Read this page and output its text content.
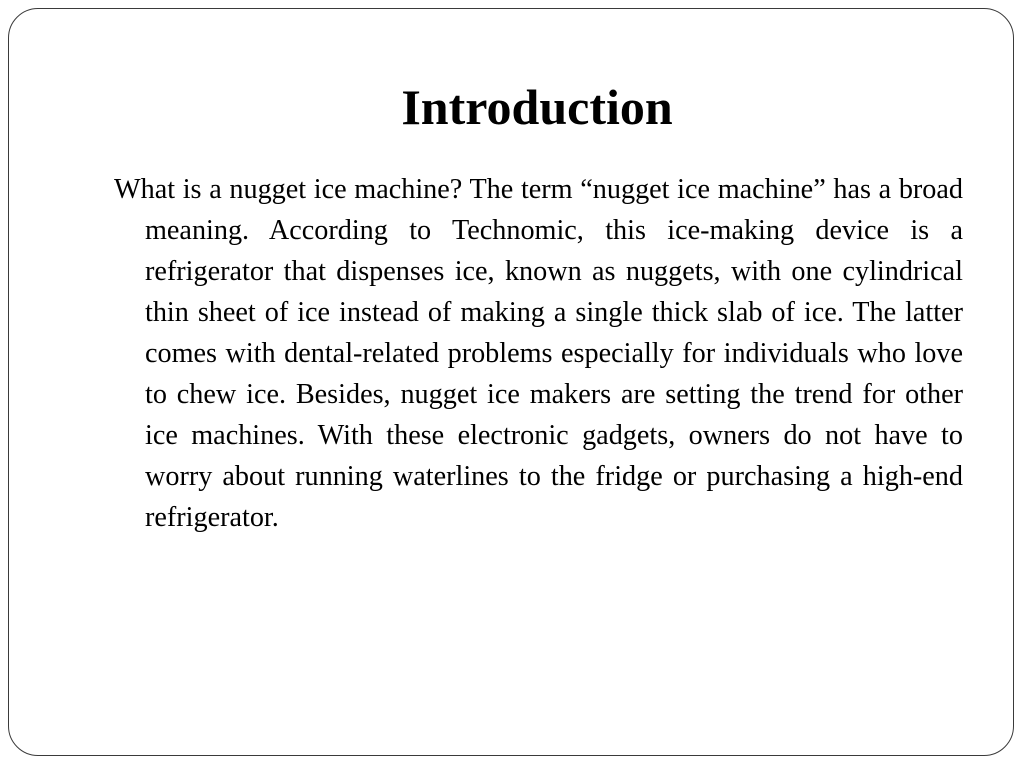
Introduction

What is a nugget ice machine? The term “nugget ice machine” has a broad meaning. According to Technomic, this ice-making device is a refrigerator that dispenses ice, known as nuggets, with one cylindrical thin sheet of ice instead of making a single thick slab of ice. The latter comes with dental-related problems especially for individuals who love to chew ice. Besides, nugget ice makers are setting the trend for other ice machines. With these electronic gadgets, owners do not have to worry about running waterlines to the fridge or purchasing a high-end refrigerator.
